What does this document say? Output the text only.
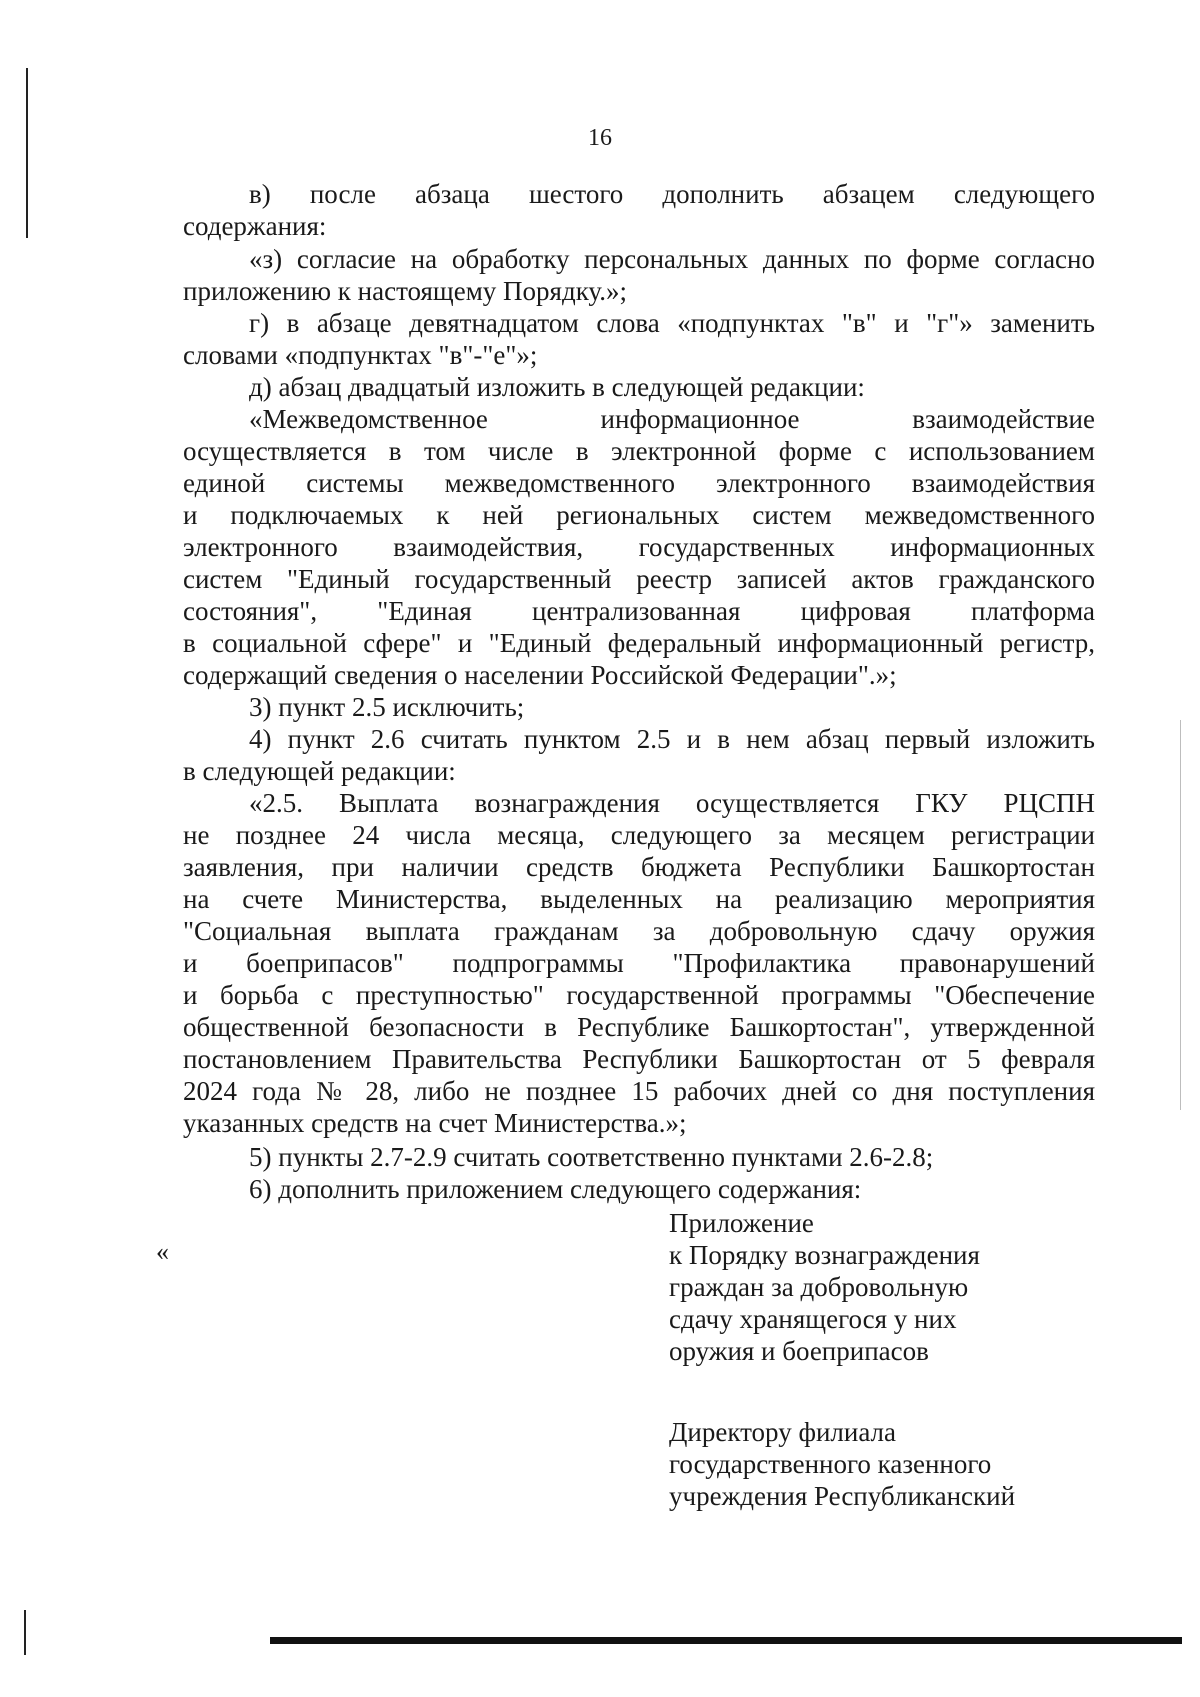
16
в) после абзаца шестого дополнить абзацем следующего
содержания:
«з) согласие на обработку персональных данных по форме согласно
приложению к настоящему Порядку.»;
г) в абзаце девятнадцатом слова «подпунктах "в" и "г"» заменить
словами «подпунктах "в"-"е"»;
д) абзац двадцатый изложить в следующей редакции:
«Межведомственное информационное взаимодействие
осуществляется в том числе в электронной форме с использованием
единой системы межведомственного электронного взаимодействия
и подключаемых к ней региональных систем межведомственного
электронного взаимодействия, государственных информационных
систем "Единый государственный реестр записей актов гражданского
состояния", "Единая централизованная цифровая платформа
в социальной сфере" и "Единый федеральный информационный регистр,
содержащий сведения о населении Российской Федерации".»;
3) пункт 2.5 исключить;
4) пункт 2.6 считать пунктом 2.5 и в нем абзац первый изложить
в следующей редакции:
«2.5. Выплата вознаграждения осуществляется ГКУ РЦСПН
не позднее 24 числа месяца, следующего за месяцем регистрации
заявления, при наличии средств бюджета Республики Башкортостан
на счете Министерства, выделенных на реализацию мероприятия
"Социальная выплата гражданам за добровольную сдачу оружия
и боеприпасов" подпрограммы "Профилактика правонарушений
и борьба с преступностью" государственной программы "Обеспечение
общественной безопасности в Республике Башкортостан", утвержденной
постановлением Правительства Республики Башкортостан от 5 февраля
2024 года № 28, либо не позднее 15 рабочих дней со дня поступления
указанных средств на счет Министерства.»;
5) пункты 2.7-2.9 считать соответственно пунктами 2.6-2.8;
6) дополнить приложением следующего содержания:
«
Приложение
к Порядку вознаграждения
граждан за добровольную
сдачу хранящегося у них
оружия и боеприпасов
Директору филиала
государственного казенного
учреждения Республиканский
